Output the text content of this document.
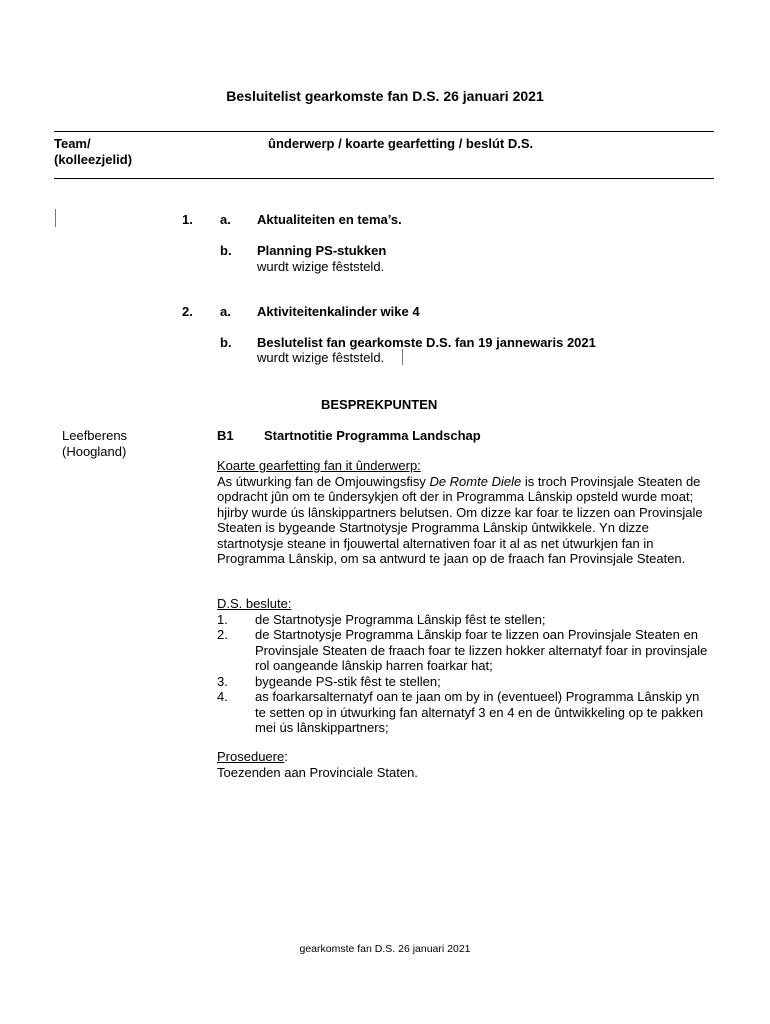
Besluitelist gearkomste fan D.S. 26 januari 2021
Team/
(kolleezjelid)
ûnderwerp / koarte gearfetting / beslút D.S.
1. a. Aktualiteiten en tema’s.
b. Planning PS-stukken
wurdt wizige fêststeld.
2. a. Aktiviteitenkalinder wike 4
b. Beslutelist fan gearkomste D.S. fan 19 jannewaris 2021
wurdt wizige fêststeld.
BESPREKPUNTEN
Leefberens
(Hoogland)
B1 Startnotitie Programma Landschap
Koarte gearfetting fan it ûnderwerp:
As útwurking fan de Omjouwingsfisy De Romte Diele is troch Provinsjale Steaten de opdracht jûn om te ûndersykjen oft der in Programma Lânskip opsteld wurde moat; hjirby wurde ús lânskippartners belutsen. Om dizze kar foar te lizzen oan Provinsjale Steaten is bygeande Startnotysje Programma Lânskip ûntwikkele. Yn dizze startnotysje steane in fjouwertal alternativen foar it al as net útwurkjen fan in Programma Lânskip, om sa antwurd te jaan op de fraach fan Provinsjale Steaten.
D.S. beslute:
1. de Startnotysje Programma Lânskip fêst te stellen;
2. de Startnotysje Programma Lânskip foar te lizzen oan Provinsjale Steaten en Provinsjale Steaten de fraach foar te lizzen hokker alternatyf foar in provinsjale rol oangeande lânskip harren foarkar hat;
3. bygeande PS-stik fêst te stellen;
4. as foarkarsalternatyf oan te jaan om by in (eventueel) Programma Lânskip yn te setten op in útwurking fan alternatyf 3 en 4 en de ûntwikkeling op te pakken mei ús lânskippartners;
Proseduere:
Toezenden aan Provinciale Staten.
gearkomste fan D.S. 26 januari 2021
